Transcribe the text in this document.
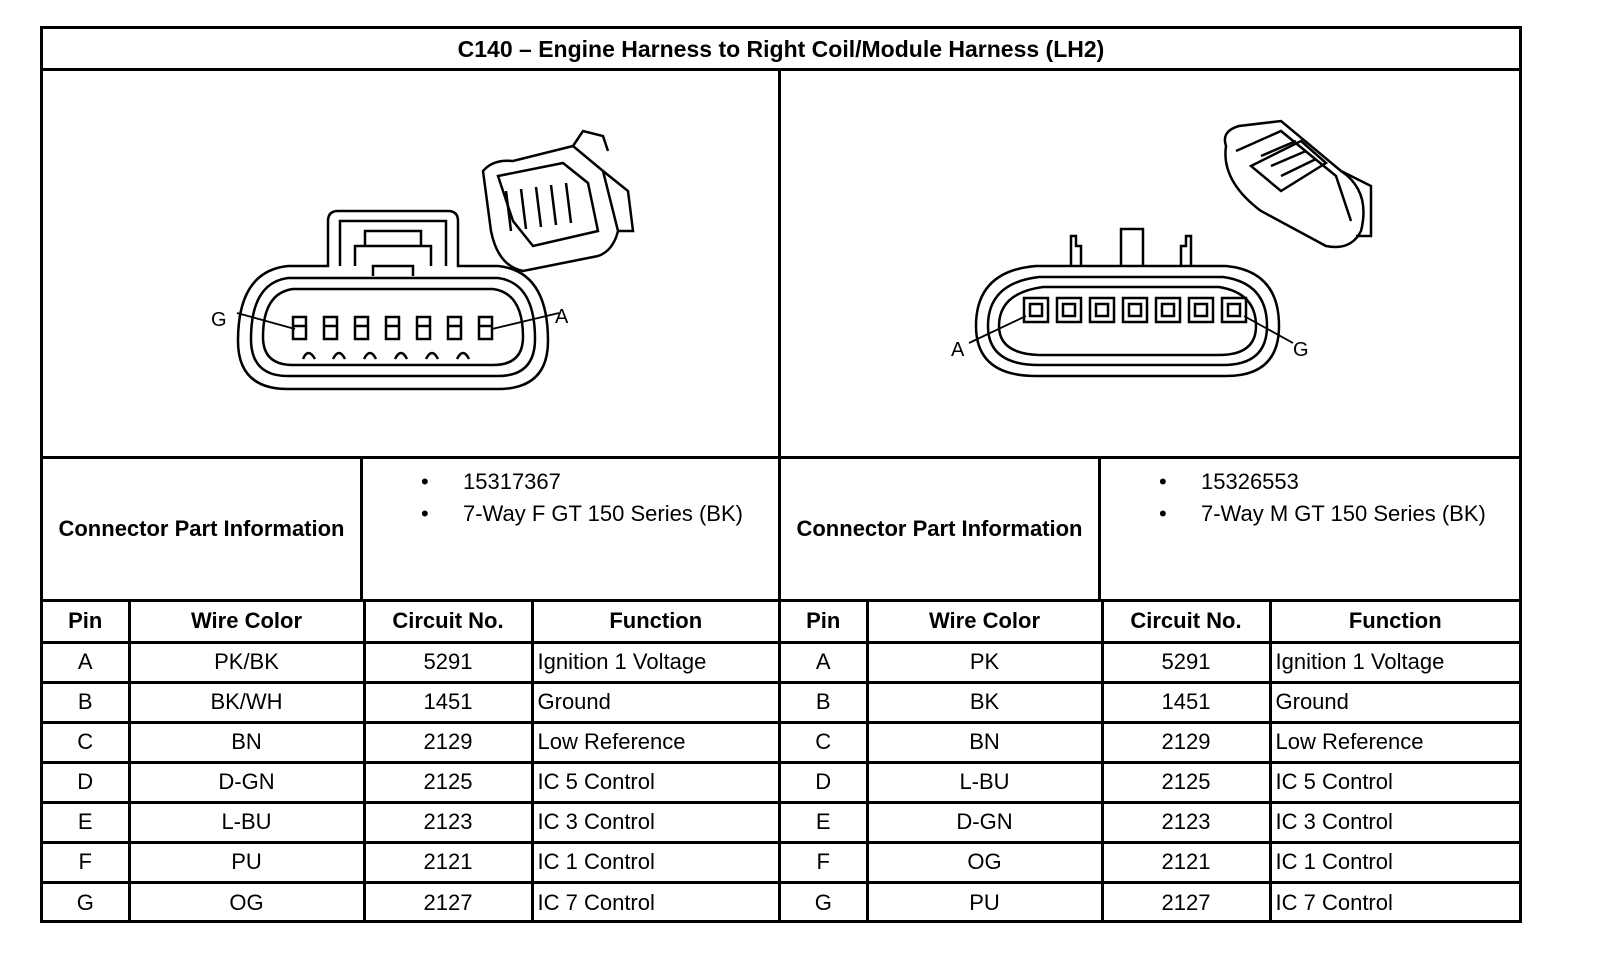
C140 – Engine Harness to Right Coil/Module Harness (LH2)
G	A
Connector Part Information
• 15317367
• 7-Way F GT 150 Series (BK)
Pin	Wire Color	Circuit No.	Function
A	PK/BK	5291	Ignition 1 Voltage
B	BK/WH	1451	Ground
C	BN	2129	Low Reference
D	D-GN	2125	IC 5 Control
E	L-BU	2123	IC 3 Control
F	PU	2121	IC 1 Control
G	OG	2127	IC 7 Control
A	G
Connector Part Information
• 15326553
• 7-Way M GT 150 Series (BK)
Pin	Wire Color	Circuit No.	Function
A	PK	5291	Ignition 1 Voltage
B	BK	1451	Ground
C	BN	2129	Low Reference
D	L-BU	2125	IC 5 Control
E	D-GN	2123	IC 3 Control
F	OG	2121	IC 1 Control
G	PU	2127	IC 7 Control
